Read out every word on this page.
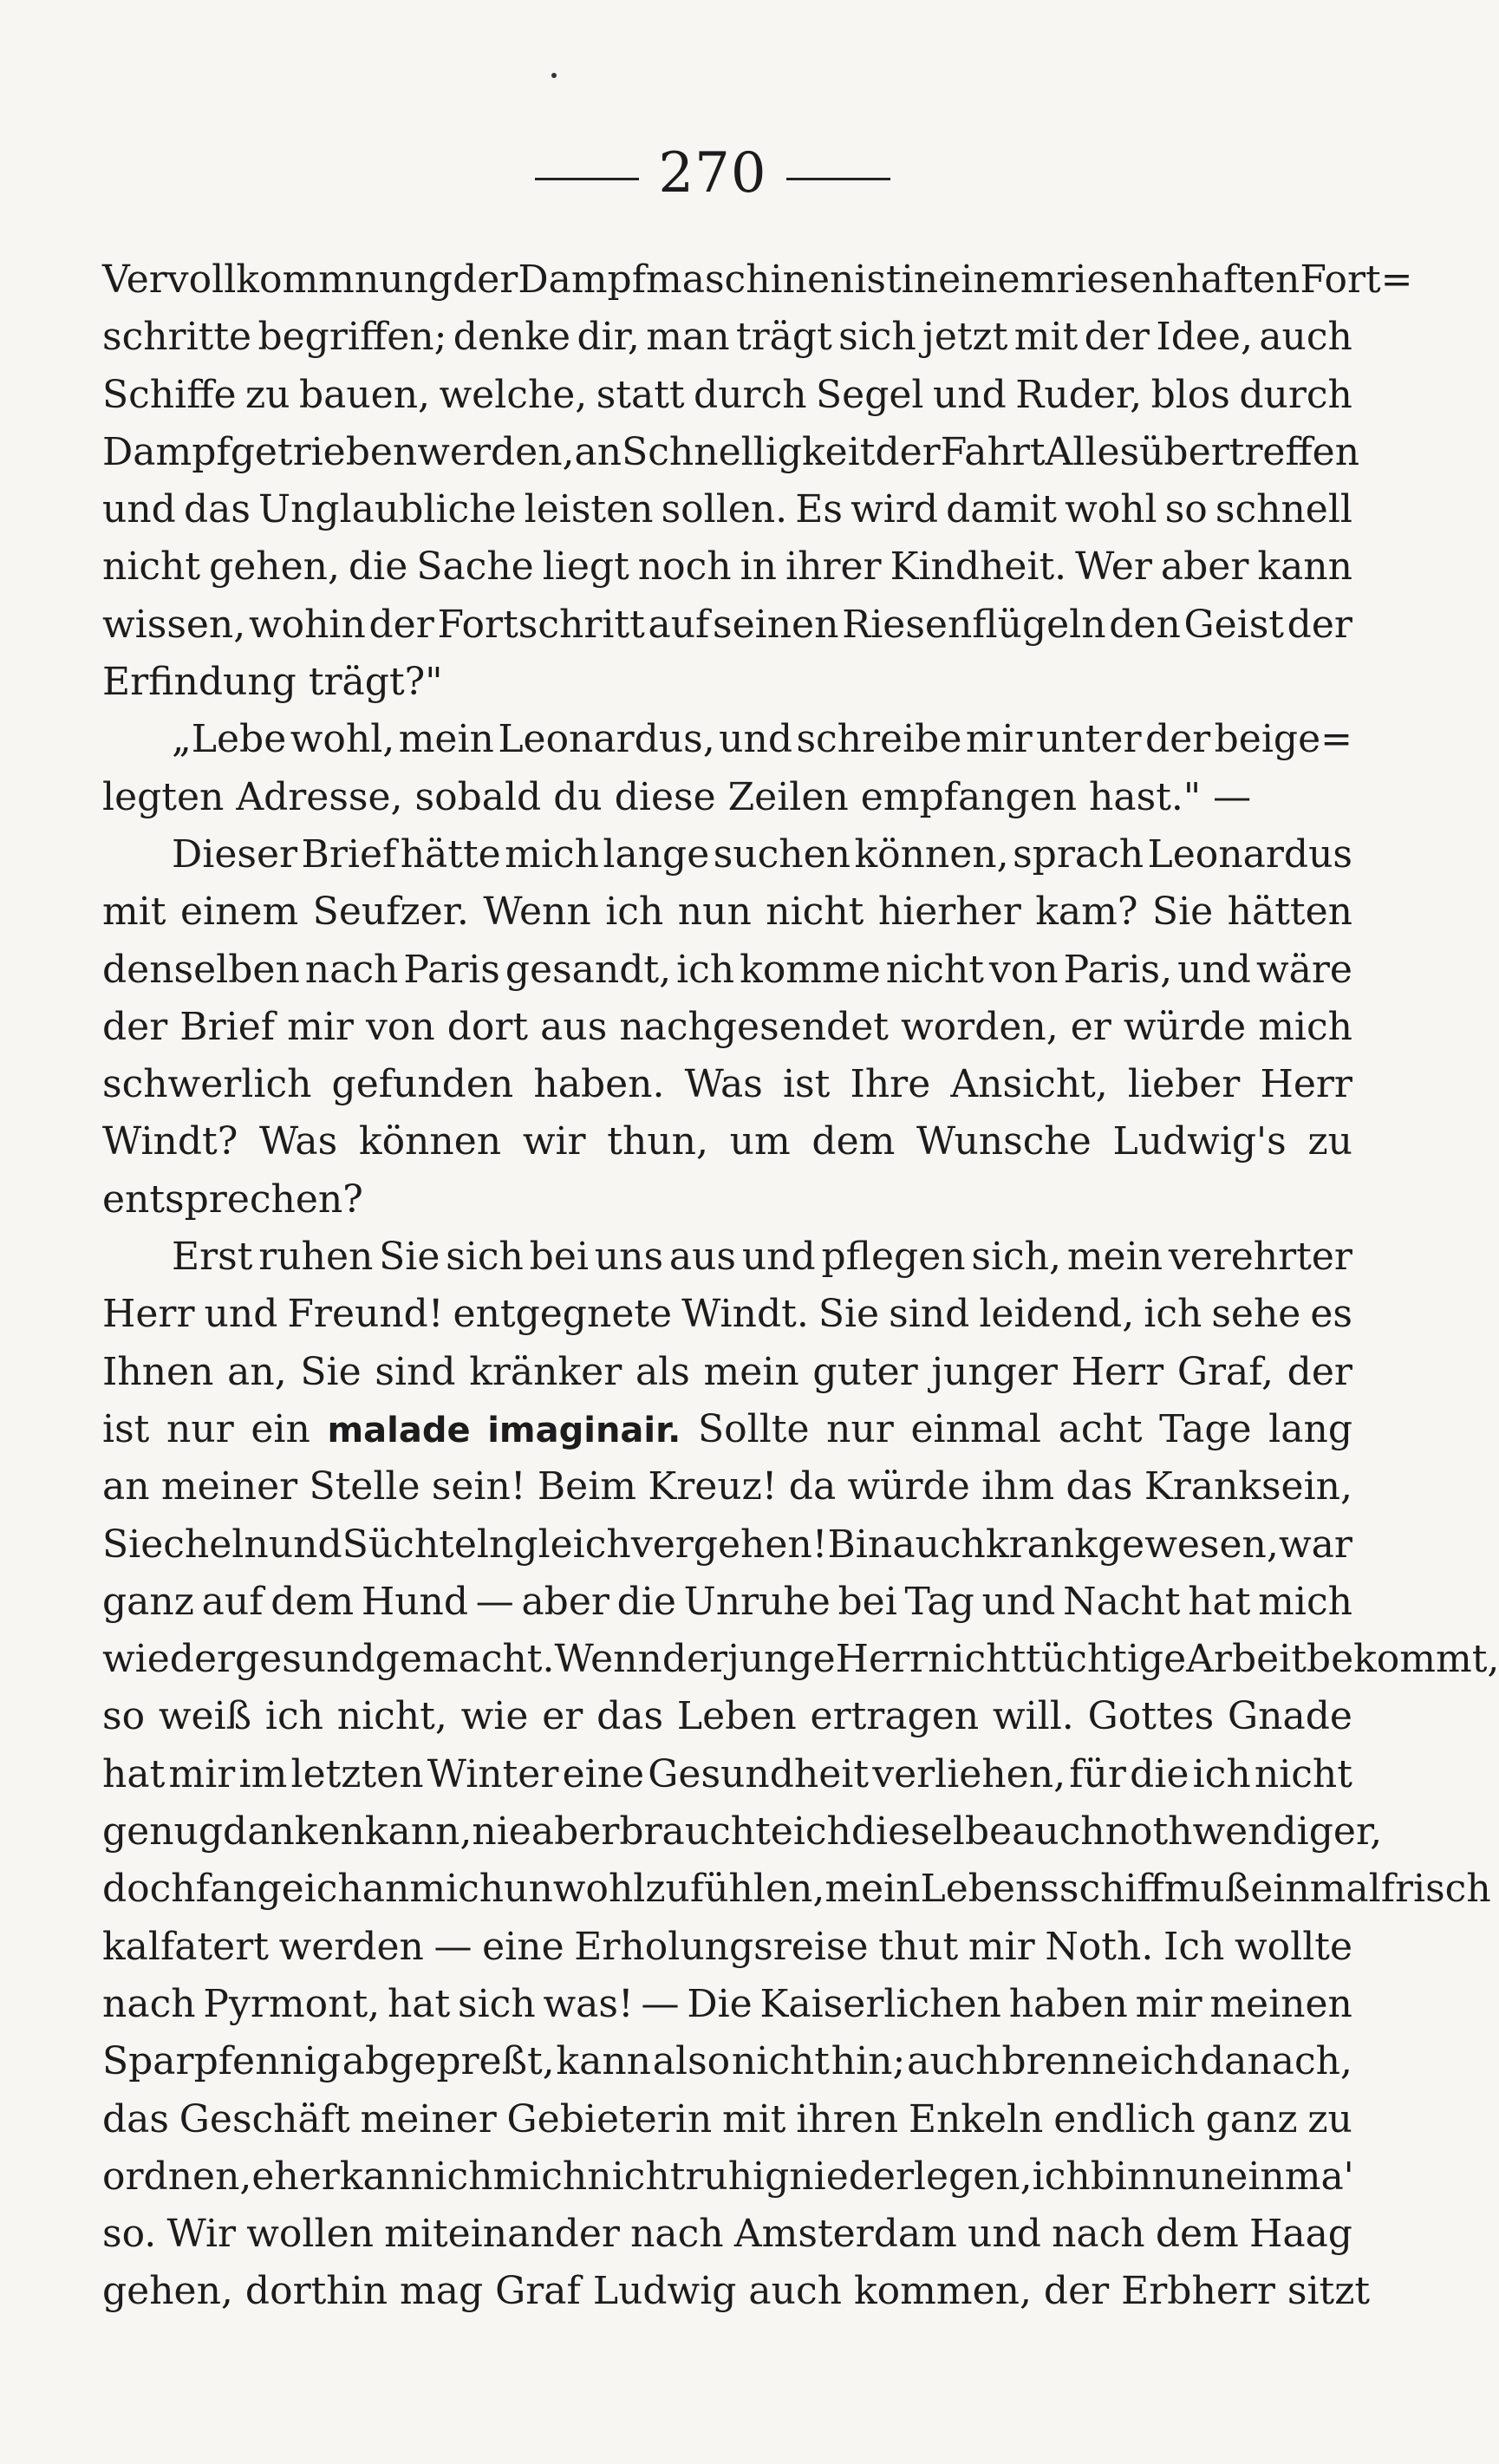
270
Vervollkommnung der Dampfmaschinen ist in einem riesenhaften Fort=
schritte begriffen; denke dir, man trägt sich jetzt mit der Idee, auch
Schiffe zu bauen, welche, statt durch Segel und Ruder, blos durch
Dampf getrieben werden, an Schnelligkeit der Fahrt Alles übertreffen
und das Unglaubliche leisten sollen. Es wird damit wohl so schnell
nicht gehen, die Sache liegt noch in ihrer Kindheit. Wer aber kann
wissen, wohin der Fortschritt auf seinen Riesenflügeln den Geist der
Erfindung trägt?"
„Lebe wohl, mein Leonardus, und schreibe mir unter der beige=
legten Adresse, sobald du diese Zeilen empfangen hast." —
Dieser Brief hätte mich lange suchen können, sprach Leonardus
mit einem Seufzer. Wenn ich nun nicht hierher kam? Sie hätten
denselben nach Paris gesandt, ich komme nicht von Paris, und wäre
der Brief mir von dort aus nachgesendet worden, er würde mich
schwerlich gefunden haben. Was ist Ihre Ansicht, lieber Herr
Windt? Was können wir thun, um dem Wunsche Ludwig's zu
entsprechen?
Erst ruhen Sie sich bei uns aus und pflegen sich, mein verehrter
Herr und Freund! entgegnete Windt. Sie sind leidend, ich sehe es
Ihnen an, Sie sind kränker als mein guter junger Herr Graf, der
ist nur ein malade imaginair. Sollte nur einmal acht Tage lang
an meiner Stelle sein! Beim Kreuz! da würde ihm das Kranksein,
Siecheln und Süchteln gleich vergehen! Bin auch krank gewesen, war
ganz auf dem Hund — aber die Unruhe bei Tag und Nacht hat mich
wieder gesund gemacht. Wenn der junge Herr nicht tüchtige Arbeit bekommt,
so weiß ich nicht, wie er das Leben ertragen will. Gottes Gnade
hat mir im letzten Winter eine Gesundheit verliehen, für die ich nicht
genug danken kann, nie aber brauchte ich dieselbe auch nothwendiger,
doch fange ich an mich unwohl zu fühlen, mein Lebensschiff muß einmal frisch
kalfatert werden — eine Erholungsreise thut mir Noth. Ich wollte
nach Pyrmont, hat sich was! — Die Kaiserlichen haben mir meinen
Sparpfennig abgepreßt, kann also nicht hin; auch brenne ich danach,
das Geschäft meiner Gebieterin mit ihren Enkeln endlich ganz zu
ordnen, eher kann ich mich nicht ruhig niederlegen, ich bin nun einma'
so. Wir wollen miteinander nach Amsterdam und nach dem Haag
gehen, dorthin mag Graf Ludwig auch kommen, der Erbherr sitzt
